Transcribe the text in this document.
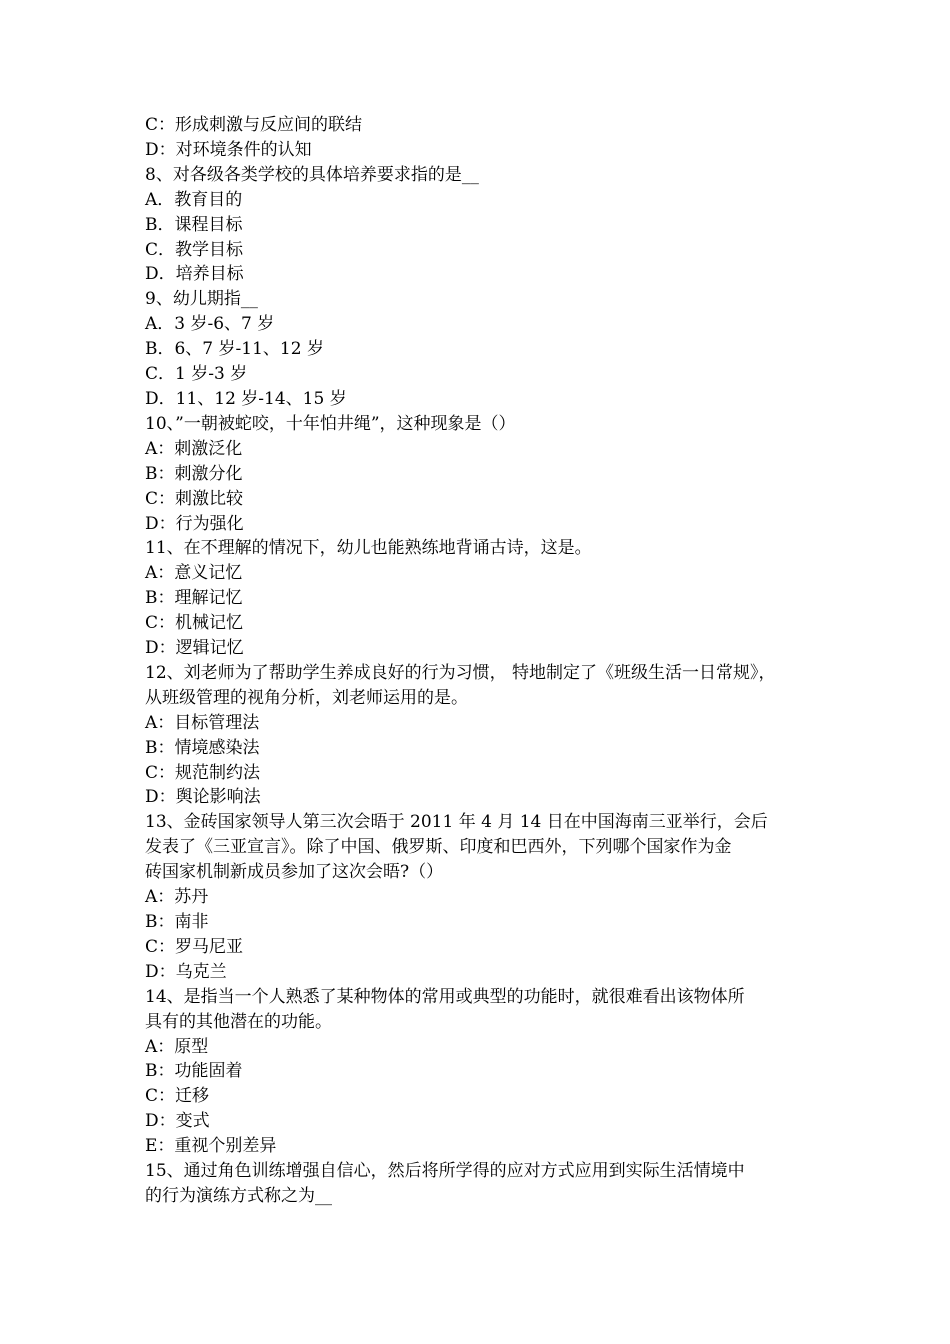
C：形成刺激与反应间的联结
D：对环境条件的认知
8、对各级各类学校的具体培养要求指的是__
A．教育目的
B．课程目标
C．教学目标
D．培养目标
9、幼儿期指__
A．3 岁-6、7 岁
B．6、7 岁-11、12 岁
C．1 岁-3 岁
D．11、12 岁-14、15 岁
10、”一朝被蛇咬，十年怕井绳”，这种现象是（）
A：刺激泛化
B：刺激分化
C：刺激比较
D：行为强化
11、在不理解的情况下，幼儿也能熟练地背诵古诗，这是。
A：意义记忆
B：理解记忆
C：机械记忆
D：逻辑记忆
12、刘老师为了帮助学生养成良好的行为习惯， 特地制定了《班级生活一日常规》，
从班级管理的视角分析，刘老师运用的是。
A：目标管理法
B：情境感染法
C：规范制约法
D：舆论影响法
13、金砖国家领导人第三次会晤于 2011 年 4 月 14 日在中国海南三亚举行，会后
发表了《三亚宣言》。除了中国、俄罗斯、印度和巴西外，下列哪个国家作为金
砖国家机制新成员参加了这次会晤?（）
A：苏丹
B：南非
C：罗马尼亚
D：乌克兰
14、是指当一个人熟悉了某种物体的常用或典型的功能时，就很难看出该物体所
具有的其他潜在的功能。
A：原型
B：功能固着
C：迁移
D：变式
E：重视个别差异
15、通过角色训练增强自信心，然后将所学得的应对方式应用到实际生活情境中
的行为演练方式称之为__
